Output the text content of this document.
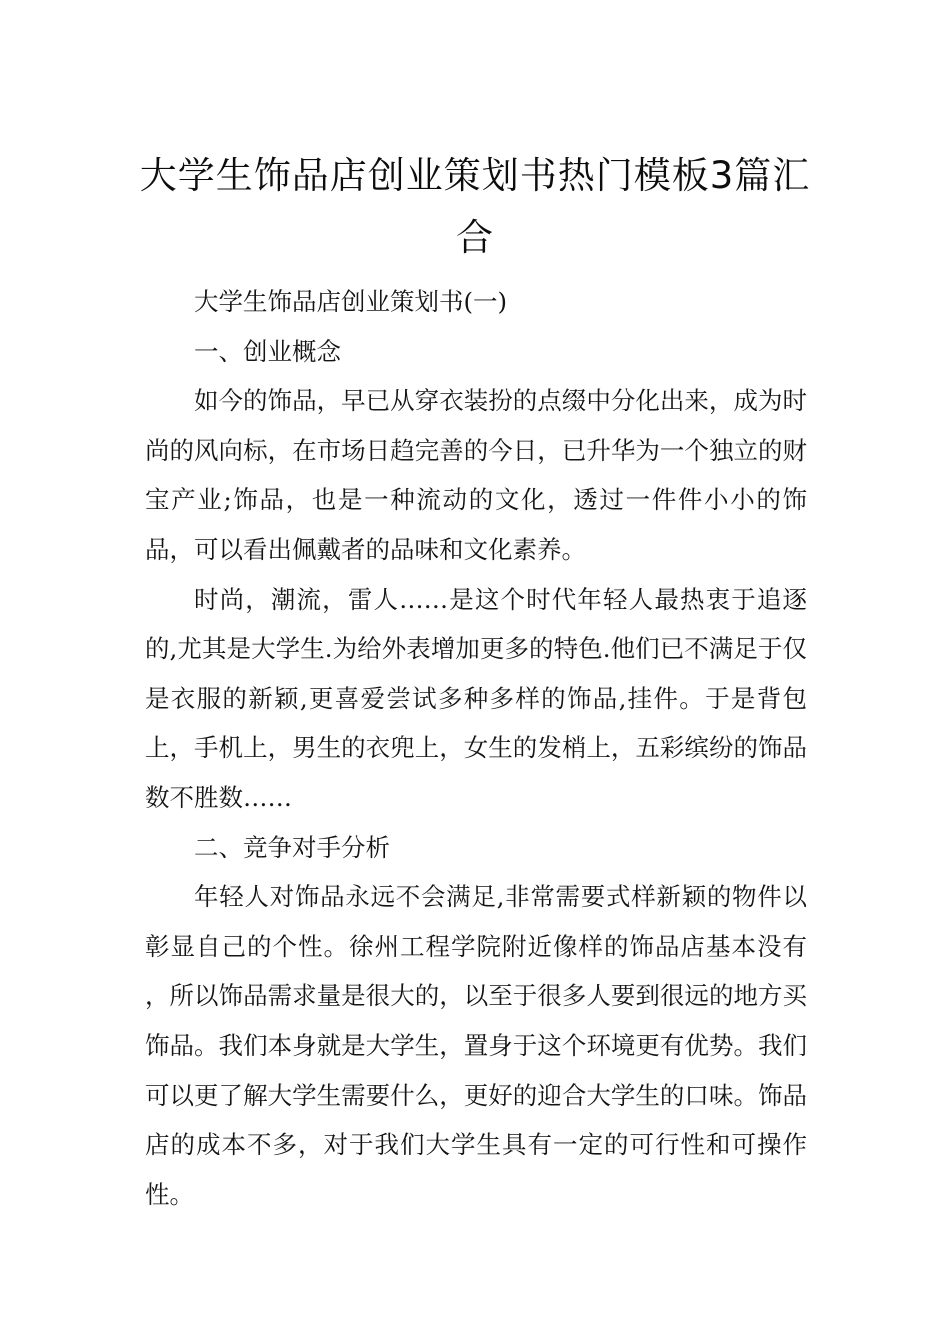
大学生饰品店创业策划书热门模板3篇汇合

大学生饰品店创业策划书(一)

一、创业概念

如今的饰品，早已从穿衣装扮的点缀中分化出来，成为时尚的风向标，在市场日趋完善的今日，已升华为一个独立的财宝产业;饰品，也是一种流动的文化，透过一件件小小的饰品，可以看出佩戴者的品味和文化素养。

时尚，潮流，雷人……是这个时代年轻人最热衷于追逐的,尤其是大学生.为给外表增加更多的特色.他们已不满足于仅是衣服的新颖,更喜爱尝试多种多样的饰品,挂件。于是背包上，手机上，男生的衣兜上，女生的发梢上，五彩缤纷的饰品数不胜数……

二、竞争对手分析

年轻人对饰品永远不会满足,非常需要式样新颖的物件以彰显自己的个性。徐州工程学院附近像样的饰品店基本没有 ，所以饰品需求量是很大的，以至于很多人要到很远的地方买饰品。我们本身就是大学生，置身于这个环境更有优势。我们可以更了解大学生需要什么，更好的迎合大学生的口味。饰品店的成本不多，对于我们大学生具有一定的可行性和可操作性。
